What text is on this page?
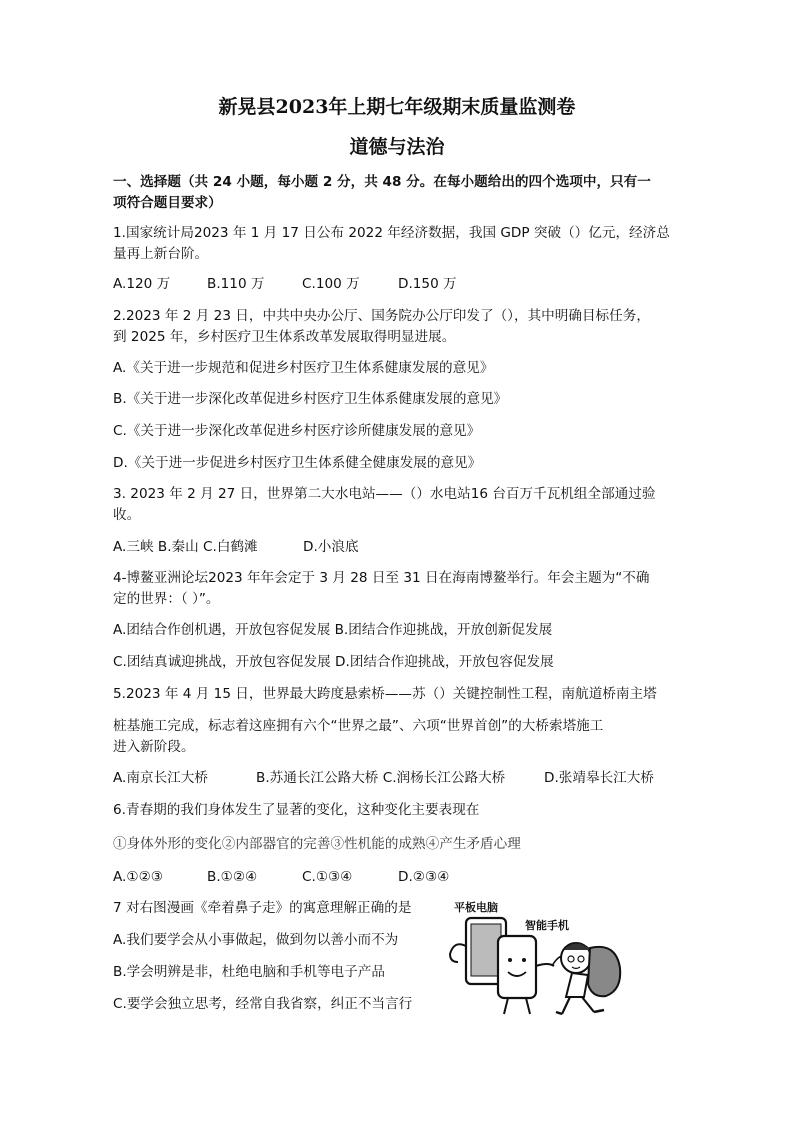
新晃县2023年上期七年级期末质量监测卷
道德与法治
一、选择题（共 24 小题，每小题 2 分，共 48 分。在每小题给出的四个选项中，只有一
项符合题目要求）
1.国家统计局2023 年 1 月 17 日公布 2022 年经济数据，我国 GDP 突破（）亿元，经济总
量再上新台阶。
A.120 万	B.110 万	C.100 万	D.150 万
2.2023 年 2 月 23 日，中共中央办公厅、国务院办公厅印发了（），其中明确目标任务，
到 2025 年，乡村医疗卫生体系改革发展取得明显进展。
A.《关于进一步规范和促进乡村医疗卫生体系健康发展的意见》
B.《关于进一步深化改革促进乡村医疗卫生体系健康发展的意见》
C.《关于进一步深化改革促进乡村医疗诊所健康发展的意见》
D.《关于进一步促进乡村医疗卫生体系健全健康发展的意见》
3. 2023 年 2 月 27 日，世界第二大水电站——（）水电站16 台百万千瓦机组全部通过验
收。
A.三峡 B.秦山 C.白鹤滩	D.小浪底
4-博鳌亚洲论坛2023 年年会定于 3 月 28 日至 31 日在海南博鳌举行。年会主题为“不确
定的世界：（ ）”。
A.团结合作创机遇，开放包容促发展 B.团结合作迎挑战，开放创新促发展
C.团结真诚迎挑战，开放包容促发展 D.团结合作迎挑战，开放包容促发展
5.2023 年 4 月 15 日，世界最大跨度悬索桥——苏（）关键控制性工程，南航道桥南主塔
桩基施工完成，标志着这座拥有六个“世界之最”、六项“世界首创”的大桥索塔施工
进入新阶段。
A.南京长江大桥	B.苏通长江公路大桥 C.润杨长江公路大桥	D.张靖皋长江大桥
6.青春期的我们身体发生了显著的变化，这种变化主要表现在
①身体外形的变化②内部器官的完善③性机能的成熟④产生矛盾心理
A.①②③	B.①②④	C.①③④	D.②③④
7 对右图漫画《牵着鼻子走》的寓意理解正确的是
A.我们要学会从小事做起，做到勿以善小而不为
B.学会明辨是非，杜绝电脑和手机等电子产品
C.要学会独立思考，经常自我省察，纠正不当言行
平板电脑
智能手机
